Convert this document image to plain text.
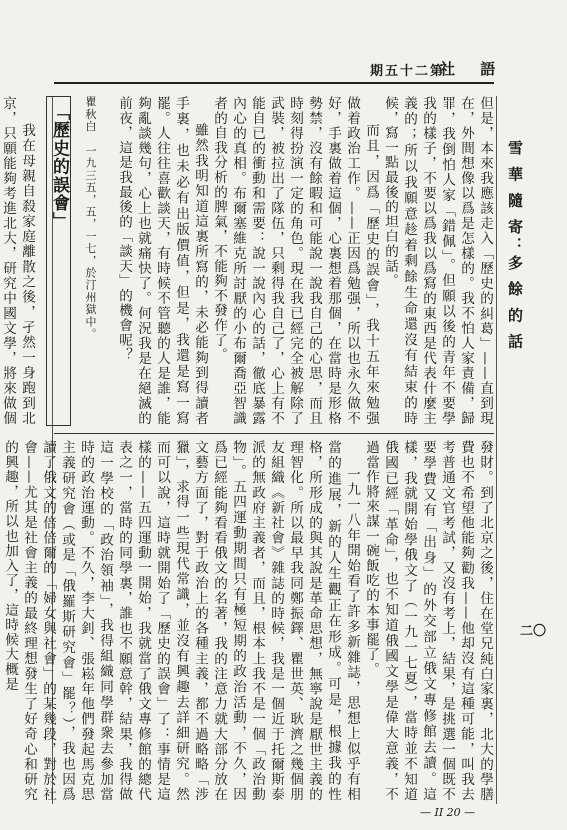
期五十二第
社 語
雪 華 隨 寄：多 餘 的 話
二〇

但是，本來我應該走入「歷史的糾葛」——直到現在，外間想像以爲是怎樣的。我不怕人家責備，歸罪，我倒怕人家「錯佩」。但願以後的青年不要學我的樣子，不要以爲我以爲寫的東西是代表什麼主義的；所以我願意趁着剩餘生命還沒有結束的時候，寫一點最後的坦白的話。

而且，因爲「歷史的誤會」，我十五年來勉强做着政治工作。——正因爲勉强，所以也永久做不好，手裏做着這個，心裏想着那個，在當時是形格勢禁，沒有餘暇和可能說一說我自己的心思，而且時刻得扮演一定的角色。現在我已經完全被解除了武裝，被拉出了隊伍，只剩得我自己了，心上有不能自已的衝動和需要：說一說內心的話，徹底暴露內心的真相。布爾塞維克所討厭的小布爾喬亞智識者的自我分析的脾氣，不能夠不發作了。

雖然我明知道這裏所寫的，未必能夠到得讀者手裏，也未必有出版價值，但是，我還是寫一寫罷。人往往喜歡談天，有時候不管聽的人是誰，能夠亂談幾句，心上也就痛快了。何況我是在絕滅的前夜，這是我最後的「談天」的機會呢？

瞿秋白　一九三五，五，一七，於汀州獄中。

「歷史的誤會」

我在母親自殺家庭離散之後，孑然一身跑到北京，只願能夠考進北大，研究中國文學，將來做個

發財。到了北京之後，住在堂兄純白家裏，北大的學膳費也不希望他能夠勸我——他却沒有這種可能，叫我去考普通文官考試，又沒有考上，結果，是挑選一個既不要學費又有「出身」的外交部立俄文專修館去讀。這樣，我就開始學俄文了（一九一七夏），當時並不知道俄國已經「革命」，也不知道俄國文學是偉大意義，不過當作將來謀一碗飯吃的本事罷了。

一九一八年開始看了許多新雜誌，思想上似乎有相當的進展，新的人生觀正在形成。可是，根據我的性格，所形成的與其說是革命思想，無寧說是厭世主義的理智化。所以最早我同鄭振鐸、瞿世英、耿濟之幾個朋友組織《新社會》雜誌的時候，我是一個近于托爾斯泰派的無政府主義者，而且，根本上我不是一個「政治動物」。五四運動期間只有極短期的政治活動，不久，因爲已經能夠看看俄文的名著，我的注意力就大部分放在文藝方面了，對于政治上的各種主義，都不過略略「涉獵」，求得一些現代常識，並沒有興趣去詳細研究。然而可以說，這時就開始了「歷史的誤會」了：事情是這樣的——五四運動一開始，我就當了俄文專修館的總代表之一，當時的同學裏，誰也不願意幹，結果，我得做這一學校的「政治領袖」，我得組織同學群衆去參加當時的政治運動。不久，李大釗、張崧年他們發起馬克思主義研究會（或是「俄羅斯研究會」罷？），我也因爲讀了俄文的倍倍爾的「婦女與社會」的某幾段，對於社會——尤其是社會主義的最終理想發生了好奇心和研究的興趣，所以也加入了，這時候大概是

— II 20 —
